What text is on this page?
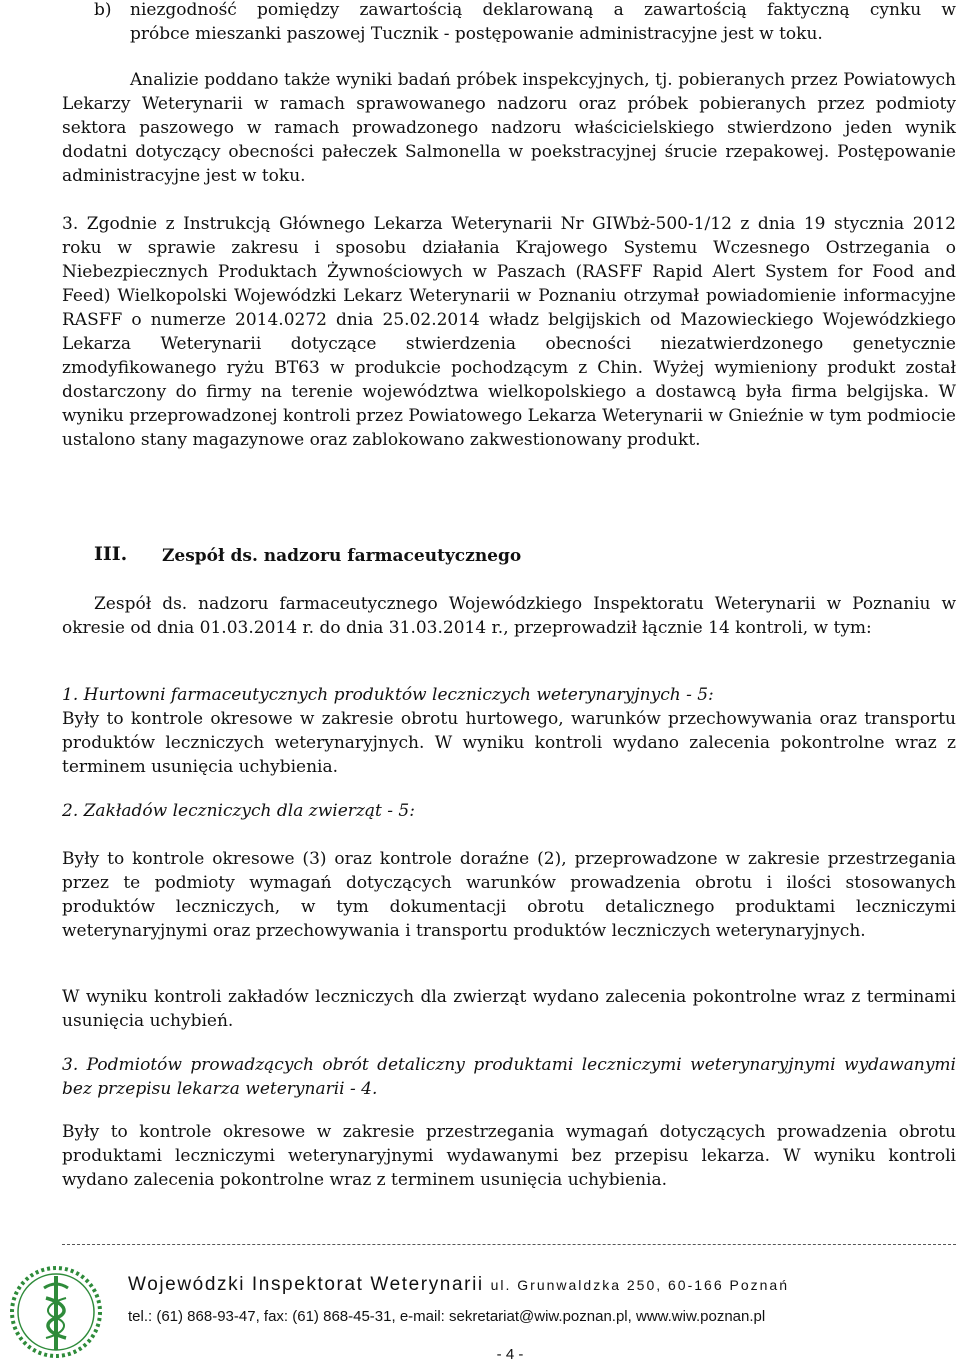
b) niezgodność pomiędzy zawartością deklarowaną a zawartością faktyczną cynku w
próbce mieszanki paszowej Tucznik - postępowanie administracyjne jest w toku.
Analizie poddano także wyniki badań próbek inspekcyjnych, tj. pobieranych przez Powiatowych Lekarzy Weterynarii w ramach sprawowanego nadzoru oraz próbek pobieranych przez podmioty sektora paszowego w ramach prowadzonego nadzoru właścicielskiego stwierdzono jeden wynik dodatni dotyczący obecności pałeczek Salmonella w poekstracyjnej śrucie rzepakowej. Postępowanie administracyjne jest w toku.
3. Zgodnie z Instrukcją Głównego Lekarza Weterynarii Nr GIWbż-500-1/12 z dnia 19 stycznia 2012 roku w sprawie zakresu i sposobu działania Krajowego Systemu Wczesnego Ostrzegania o Niebezpiecznych Produktach Żywnościowych w Paszach (RASFF Rapid Alert System for Food and Feed) Wielkopolski Wojewódzki Lekarz Weterynarii w Poznaniu otrzymał powiadomienie informacyjne RASFF o numerze 2014.0272 dnia 25.02.2014 władz belgijskich od Mazowieckiego Wojewódzkiego Lekarza Weterynarii dotyczące stwierdzenia obecności niezatwierdzonego genetycznie zmodyfikowanego ryżu BT63 w produkcie pochodzącym z Chin. Wyżej wymieniony produkt został dostarczony do firmy na terenie województwa wielkopolskiego a dostawcą była firma belgijska. W wyniku przeprowadzonej kontroli przez Powiatowego Lekarza Weterynarii w Gnieźnie w tym podmiocie ustalono stany magazynowe oraz zablokowano zakwestionowany produkt.
III. Zespół ds. nadzoru farmaceutycznego
Zespół ds. nadzoru farmaceutycznego Wojewódzkiego Inspektoratu Weterynarii w Poznaniu w okresie od dnia 01.03.2014 r. do dnia 31.03.2014 r., przeprowadził łącznie 14 kontroli, w tym:
1. Hurtowni farmaceutycznych produktów leczniczych weterynaryjnych - 5:
Były to kontrole okresowe w zakresie obrotu hurtowego, warunków przechowywania oraz transportu produktów leczniczych weterynaryjnych. W wyniku kontroli wydano zalecenia pokontrolne wraz z terminem usunięcia uchybienia.
2. Zakładów leczniczych dla zwierząt - 5:
Były to kontrole okresowe (3) oraz kontrole doraźne (2), przeprowadzone w zakresie przestrzegania przez te podmioty wymagań dotyczących warunków prowadzenia obrotu i ilości stosowanych produktów leczniczych, w tym dokumentacji obrotu detalicznego produktami leczniczymi weterynaryjnymi oraz przechowywania i transportu produktów leczniczych weterynaryjnych.
W wyniku kontroli zakładów leczniczych dla zwierząt wydano zalecenia pokontrolne wraz z terminami usunięcia uchybień.
3. Podmiotów prowadzących obrót detaliczny produktami leczniczymi weterynaryjnymi wydawanymi bez przepisu lekarza weterynarii - 4.
Były to kontrole okresowe w zakresie przestrzegania wymagań dotyczących prowadzenia obrotu produktami leczniczymi weterynaryjnymi wydawanymi bez przepisu lekarza. W wyniku kontroli wydano zalecenia pokontrolne wraz z terminem usunięcia uchybienia.
Wojewódzki Inspektorat Weterynarii ul. Grunwaldzka 250, 60-166 Poznań
tel.: (61) 868-93-47, fax: (61) 868-45-31, e-mail: sekretariat@wiw.poznan.pl, www.wiw.poznan.pl
- 4 -
